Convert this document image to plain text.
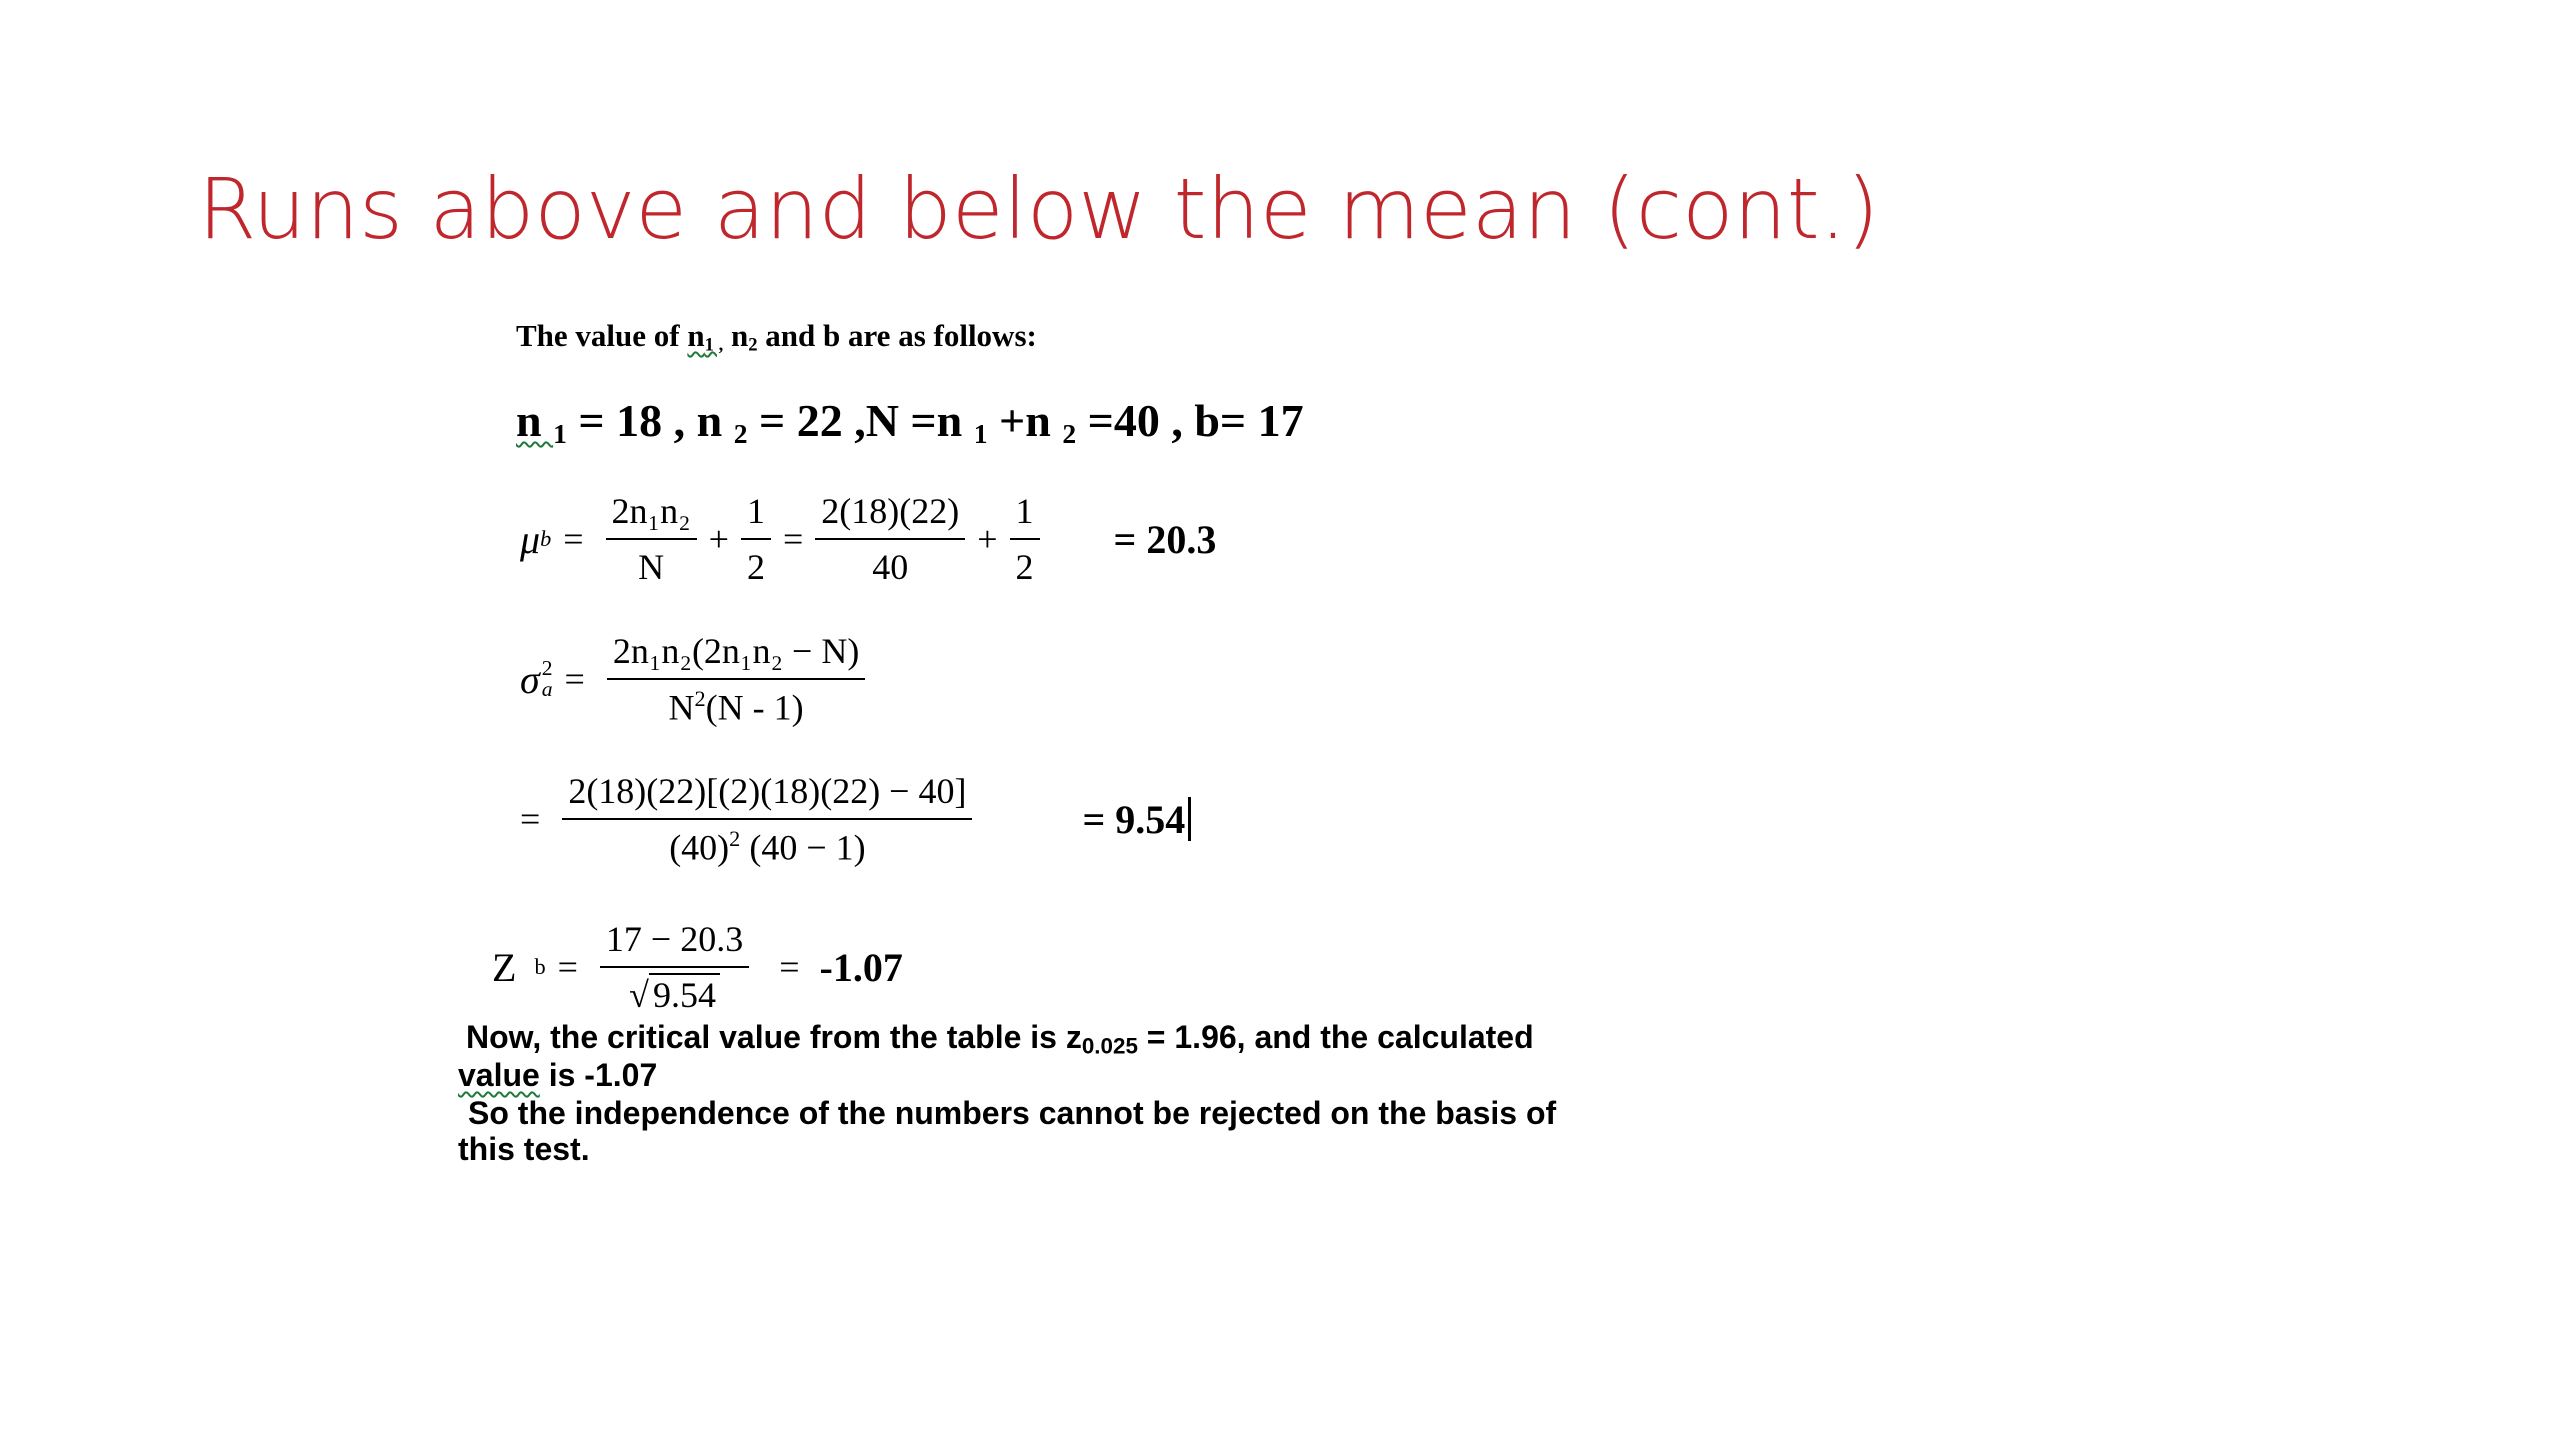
Runs above and below the mean (cont.)
The value of $n_{1 ,}$ $n_2$ and b are as follows:
n $_1$ = 18 , n $_2$ = 22 ,N =n $_1$ +n $_2$ =40 , b= 17
μ $b = \frac{\text{2n₁n₂}}{N} + \frac{1}{2} = \frac{2(18)(22)}{40} + \frac{1}{2} = 20.3$
σ 2
$a = \frac{\text{2n₁n₂(2n₁n₂ − N)}}{N^2(N - 1)}$
= $\frac{2(18)(22)[(2)(18)(22) - 40]}{(40)^2 (40 - 1)}$	= 9.54
Z $b = \frac{17 - 20.3}{√ 9.54} = -1.07$
Now, the critical value from the table is z0.025 = 1.96, and the calculated
value is -1.07
So the independence of the numbers cannot be rejected on the basis of
this test.
